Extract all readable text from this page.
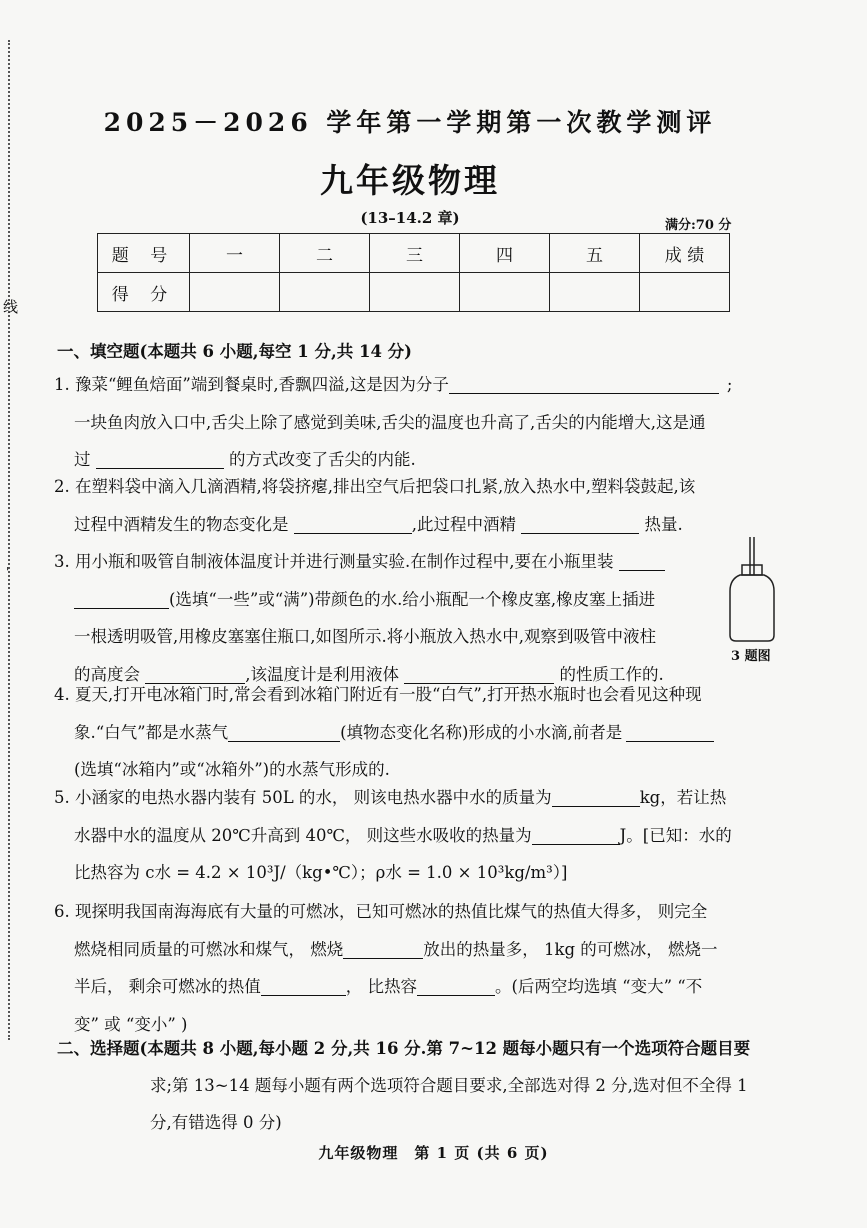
线
'
2025－2026 学年第一学期第一次教学测评
九年级物理
(13–14.2 章)	满分:70 分
题 号	一	二	三	四	五	成 绩
得 分						
一、填空题(本题共 6 小题,每空 1 分,共 14 分)
1. 豫菜“鲤鱼焙面”端到餐桌时,香飘四溢,这是因为分子	;

一块鱼肉放入口中,舌尖上除了感觉到美味,舌尖的温度也升高了,舌尖的内能增大,这是通
过	的方式改变了舌尖的内能.
2. 在塑料袋中滴入几滴酒精,将袋挤瘪,排出空气后把袋口扎紧,放入热水中,塑料袋鼓起,该
过程中酒精发生的物态变化是	,此过程中酒精	热量.
3. 用小瓶和吸管自制液体温度计并进行测量实验.在制作过程中,要在小瓶里装
(选填“一些”或“满”)带颜色的水.给小瓶配一个橡皮塞,橡皮塞上插进
一根透明吸管,用橡皮塞塞住瓶口,如图所示.将小瓶放入热水中,观察到吸管中液柱
的高度会	,该温度计是利用液体	的性质工作的.
3 题图
4. 夏天,打开电冰箱门时,常会看到冰箱门附近有一股“白气”,打开热水瓶时也会看见这种现
象.“白气”都是水蒸气	(填物态变化名称)形成的小水滴,前者是
(选填“冰箱内”或“冰箱外”)的水蒸气形成的.
5. 小涵家的电热水器内装有 50L 的水， 则该电热水器中水的质量为	kg，若让热
水器中水的温度从 20℃升高到 40℃， 则这些水吸收的热量为	J。[已知：水的
比热容为 c水 = 4.2 × 10³J/（kg•℃）；ρ水 = 1.0 × 10³kg/m³）]
6. 现探明我国南海海底有大量的可燃冰，已知可燃冰的热值比煤气的热值大得多， 则完全
燃烧相同质量的可燃冰和煤气， 燃烧	放出的热量多， 1kg 的可燃冰， 燃烧一
半后， 剩余可燃冰的热值	， 比热容	。(后两空均选填 “变大” “不
变” 或 “变小” )
二、选择题(本题共 8 小题,每小题 2 分,共 16 分.第 7~12 题每小题只有一个选项符合题目要
求;第 13~14 题每小题有两个选项符合题目要求,全部选对得 2 分,选对但不全得 1
分,有错选得 0 分)
九年级物理　第 1 页 (共 6 页)
